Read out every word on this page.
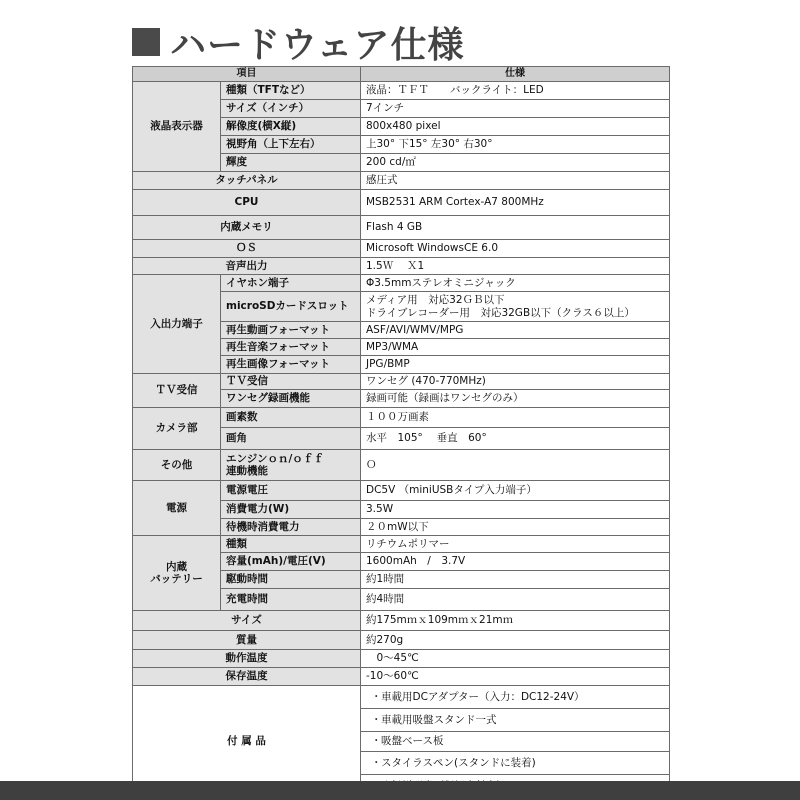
ハードウェア仕様
項目		仕様
液晶表示器	種類（TFTなど）	液晶：ＴＦＴ　　バックライト：LED
	サイズ（インチ）	7インチ
	解像度(横X縦)	800x480 pixel
	視野角（上下左右）	上30° 下15° 左30° 右30°
	輝度	200 cd/㎡
タッチパネル		感圧式
CPU		MSB2531 ARM Cortex-A7 800MHz
内蔵メモリ		Flash 4 GB
ＯＳ		Microsoft WindowsCE 6.0
音声出力		1.5Ｗ　 Ｘ1
入出力端子	イヤホン端子	Φ3.5mmステレオミニジャック
	microSDカードスロット	メディア用　対応32ＧＢ以下
ドライブレコーダー用　対応32GB以下（クラス６以上）

	再生動画フォーマット	ASF/AVI/WMV/MPG
	再生音楽フォーマット	MP3/WMA
	再生画像フォーマット	JPG/BMP
ＴＶ受信	ＴＶ受信	ワンセグ (470-770MHz)
	ワンセグ録画機能	録画可能（録画はワンセグのみ）
カメラ部	画素数	１００万画素
	画角	水平　105°　 垂直　60°
その他	エンジンｏｎ/ｏｆｆ
連動機能	Ｏ
電源	電源電圧	DC5V （miniUSBタイプ入力端子）
	消費電力(W)	3.5W
	待機時消費電力	２０mW以下

内蔵
バッテリー	種類	リチウムポリマー
	容量(mAh)/電圧(V)	1600mAh　/　3.7V
	駆動時間	約1時間
	充電時間	約4時間
サイズ		約175mｍｘ109mｍｘ21mｍ
質量		約270g
動作温度		　0～45℃
保存温度		-10～60℃
付 属 品		・車載用DCアダプター（入力：DC12-24V）
		・車載用吸盤スタンド一式
		・吸盤ベース板
		・スタイラスペン(スタンドに装着)
